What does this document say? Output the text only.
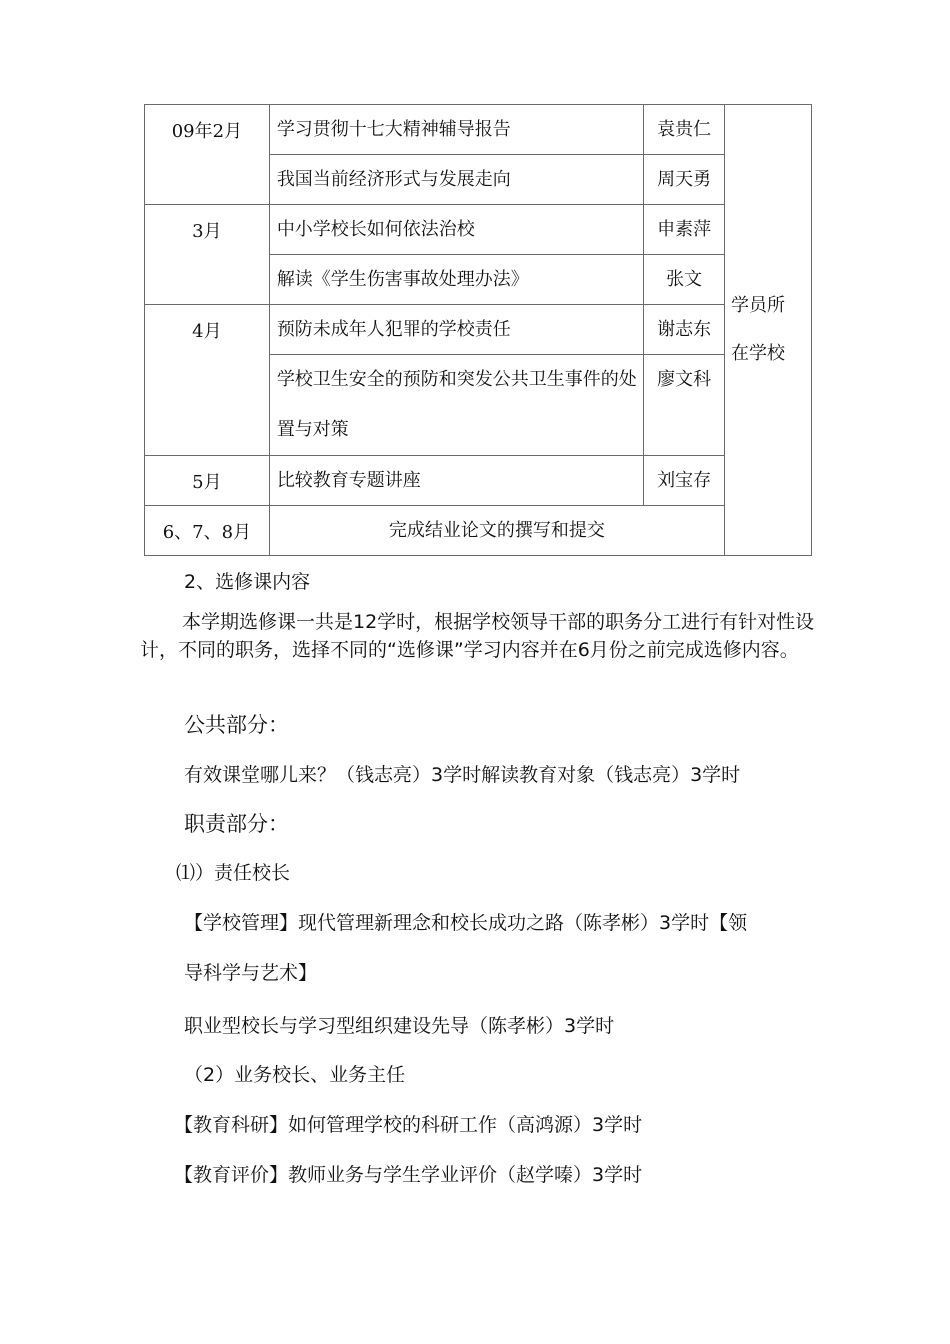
09年2月	学习贯彻十七大精神辅导报告	袁贵仁	学员所在学校

	我国当前经济形式与发展走向	周天勇	
3月	中小学校长如何依法治校	申素萍	
	解读《学生伤害事故处理办法》	张文	
4月	预防未成年人犯罪的学校责任	谢志东	
	学校卫生安全的预防和突发公共卫生事件的处置与对策	廖文科	
5月	比较教育专题讲座	刘宝存	
6、7、8月	完成结业论文的撰写和提交		
2、选修课内容
本学期选修课一共是12学时，根据学校领导干部的职务分工进行有针对性设计，不同的职务，选择不同的“选修课”学习内容并在6月份之前完成选修内容。
公共部分：
有效课堂哪儿来？（钱志亮）3学时解读教育对象（钱志亮）3学时
职责部分：
⑴）责任校长
【学校管理】现代管理新理念和校长成功之路（陈孝彬）3学时【领
导科学与艺术】
职业型校长与学习型组织建设先导（陈孝彬）3学时
（2）业务校长、业务主任
【教育科研】如何管理学校的科研工作（高鸿源）3学时
【教育评价】教师业务与学生学业评价（赵学嗪）3学时
